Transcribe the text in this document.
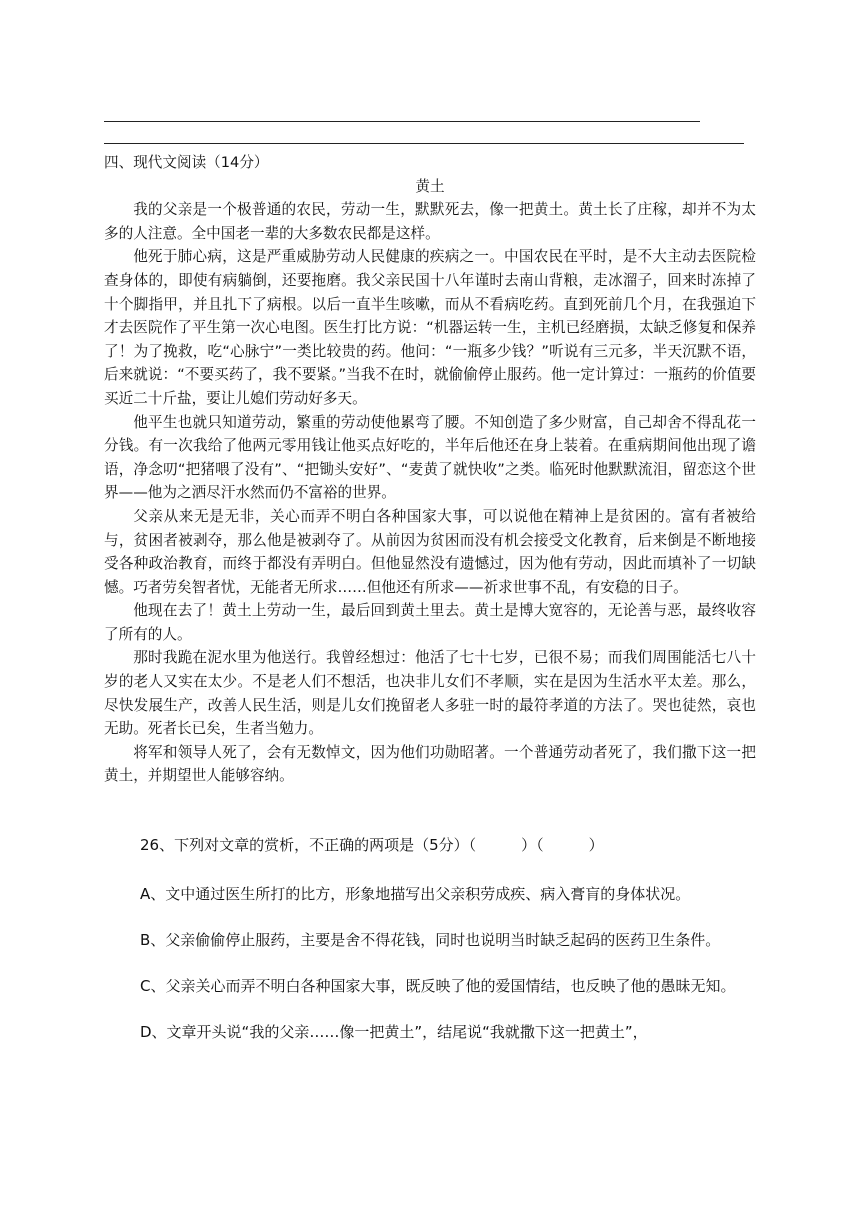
四、现代文阅读（14分）

黄土

我的父亲是一个极普通的农民，劳动一生，默默死去，像一把黄土。黄土长了庄稼，却并不为太多的人注意。全中国老一辈的大多数农民都是这样。

他死于肺心病，这是严重威胁劳动人民健康的疾病之一。中国农民在平时，是不大主动去医院检查身体的，即使有病躺倒，还要拖磨。我父亲民国十八年谨时去南山背粮，走冰溜子，回来时冻掉了十个脚指甲，并且扎下了病根。以后一直半生咳嗽，而从不看病吃药。直到死前几个月，在我强迫下才去医院作了平生第一次心电图。医生打比方说：“机器运转一生，主机已经磨损，太缺乏修复和保养了！为了挽救，吃“心脉宁”一类比较贵的药。他问：“一瓶多少钱？”听说有三元多，半天沉默不语，后来就说：“不要买药了，我不要紧。”当我不在时，就偷偷停止服药。他一定计算过：一瓶药的价值要买近二十斤盐，要让儿媳们劳动好多天。

他平生也就只知道劳动，繁重的劳动使他累弯了腰。不知创造了多少财富，自己却舍不得乱花一分钱。有一次我给了他两元零用钱让他买点好吃的，半年后他还在身上装着。在重病期间他出现了谵语，净念叨“把猪喂了没有”、“把锄头安好”、“麦黄了就快收”之类。临死时他默默流泪，留恋这个世界——他为之洒尽汗水然而仍不富裕的世界。

父亲从来无是无非，关心而弄不明白各种国家大事，可以说他在精神上是贫困的。富有者被给与，贫困者被剥夺，那么他是被剥夺了。从前因为贫困而没有机会接受文化教育，后来倒是不断地接受各种政治教育，而终于都没有弄明白。但他显然没有遗憾过，因为他有劳动，因此而填补了一切缺憾。巧者劳矣智者忧，无能者无所求……但他还有所求——祈求世事不乱，有安稳的日子。

他现在去了！黄土上劳动一生，最后回到黄土里去。黄土是博大宽容的，无论善与恶，最终收容了所有的人。

那时我跪在泥水里为他送行。我曾经想过：他活了七十七岁，已很不易；而我们周围能活七八十岁的老人又实在太少。不是老人们不想活，也决非儿女们不孝顺，实在是因为生活水平太差。那么，尽快发展生产，改善人民生活，则是儿女们挽留老人多驻一时的最符孝道的方法了。哭也徒然，哀也无助。死者长已矣，生者当勉力。

将军和领导人死了，会有无数悼文，因为他们功勋昭著。一个普通劳动者死了，我们撒下这一把黄土，并期望世人能够容纳。

26、下列对文章的赏析，不正确的两项是（5分）（　　　）（　　　）

A、文中通过医生所打的比方，形象地描写出父亲积劳成疾、病入膏肓的身体状况。

B、父亲偷偷停止服药，主要是舍不得花钱，同时也说明当时缺乏起码的医药卫生条件。

C、父亲关心而弄不明白各种国家大事，既反映了他的爱国情结，也反映了他的愚昧无知。

D、文章开头说“我的父亲……像一把黄土”，结尾说“我就撒下这一把黄土”，
